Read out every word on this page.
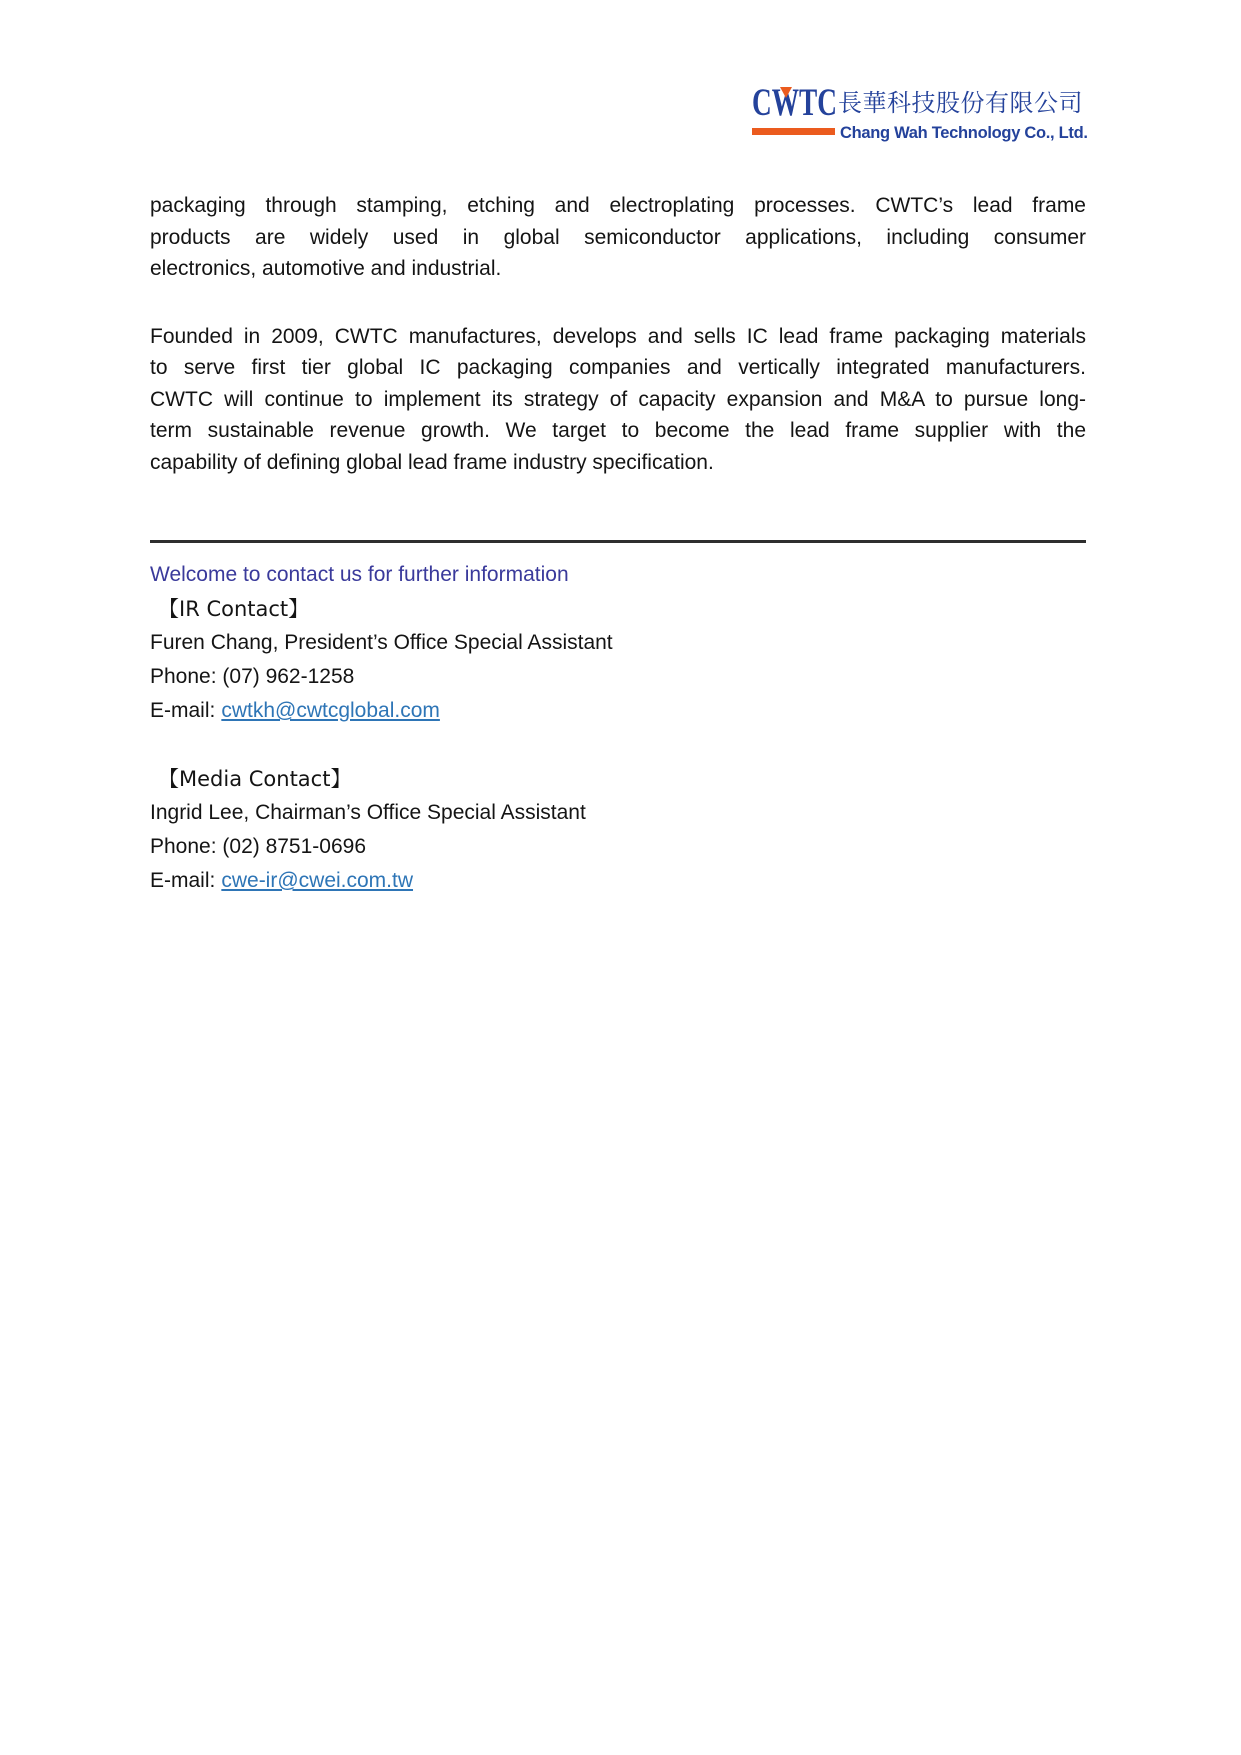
CWTC 長華科技股份有限公司
Chang Wah Technology Co., Ltd.
packaging through stamping, etching and electroplating processes. CWTC’s lead frame
products are widely used in global semiconductor applications, including consumer
electronics, automotive and industrial.
Founded in 2009, CWTC manufactures, develops and sells IC lead frame packaging materials
to serve first tier global IC packaging companies and vertically integrated manufacturers.
CWTC will continue to implement its strategy of capacity expansion and M&A to pursue long-
term sustainable revenue growth. We target to become the lead frame supplier with the
capability of defining global lead frame industry specification.
Welcome to contact us for further information
【IR Contact】
Furen Chang, President’s Office Special Assistant
Phone: (07) 962-1258
E-mail: cwtkh@cwtcglobal.com
【Media Contact】
Ingrid Lee, Chairman’s Office Special Assistant
Phone: (02) 8751-0696
E-mail: cwe-ir@cwei.com.tw
